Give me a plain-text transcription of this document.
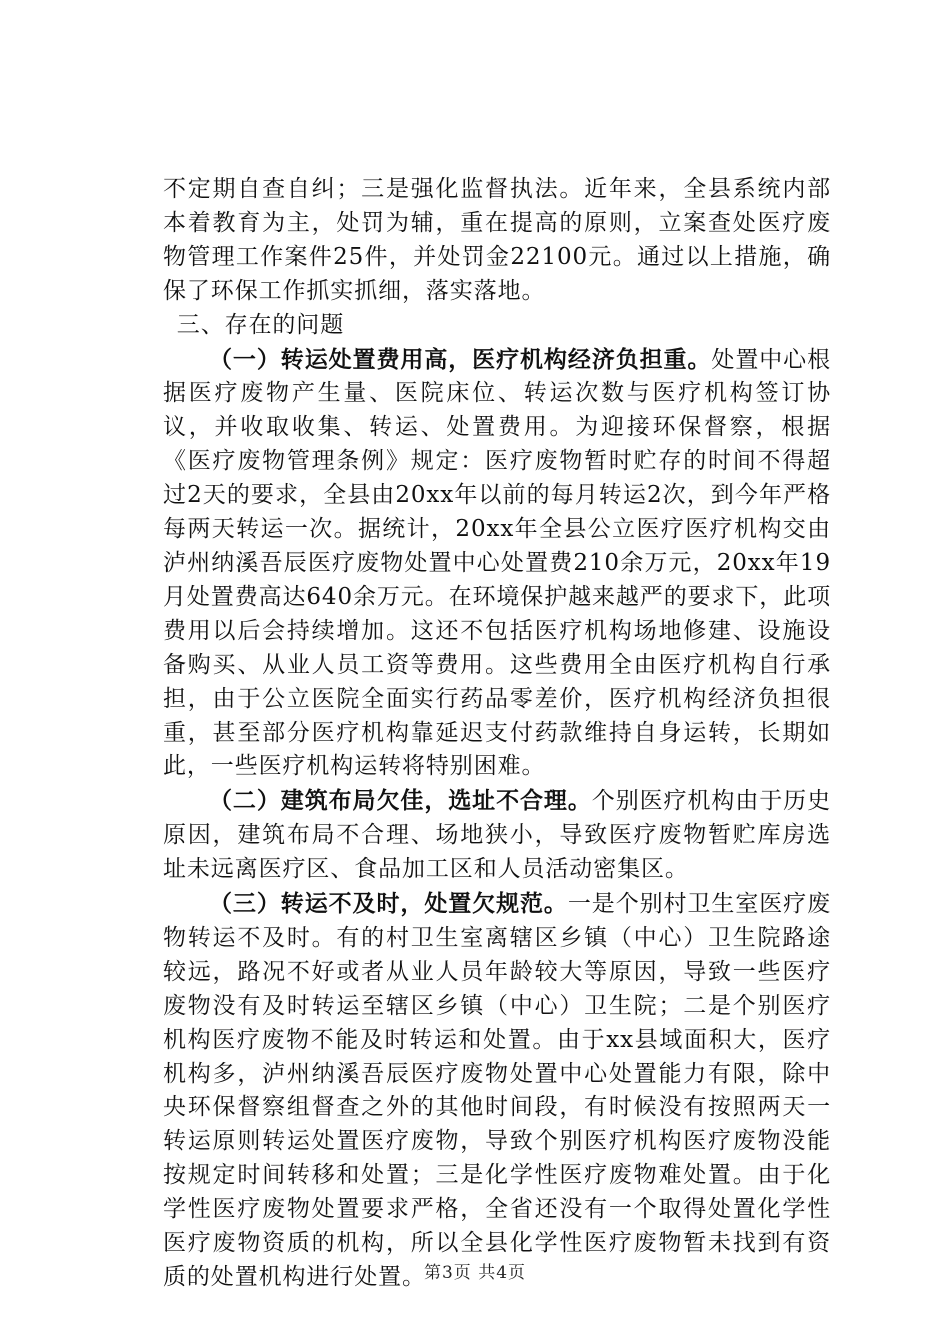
不定期自查自纠；三是强化监督执法。近年来，全县系统内部本着教育为主，处罚为辅，重在提高的原则，立案查处医疗废物管理工作案件25件，并处罚金22100元。通过以上措施，确保了环保工作抓实抓细，落实落地。

三、存在的问题

（一）转运处置费用高，医疗机构经济负担重。处置中心根据医疗废物产生量、医院床位、转运次数与医疗机构签订协议，并收取收集、转运、处置费用。为迎接环保督察，根据《医疗废物管理条例》规定：医疗废物暂时贮存的时间不得超过2天的要求，全县由20xx年以前的每月转运2次，到今年严格每两天转运一次。据统计，20xx年全县公立医疗医疗机构交由泸州纳溪吾辰医疗废物处置中心处置费210余万元，20xx年19月处置费高达640余万元。在环境保护越来越严的要求下，此项费用以后会持续增加。这还不包括医疗机构场地修建、设施设备购买、从业人员工资等费用。这些费用全由医疗机构自行承担，由于公立医院全面实行药品零差价，医疗机构经济负担很重，甚至部分医疗机构靠延迟支付药款维持自身运转，长期如此，一些医疗机构运转将特别困难。

（二）建筑布局欠佳，选址不合理。个别医疗机构由于历史原因，建筑布局不合理、场地狭小，导致医疗废物暂贮库房选址未远离医疗区、食品加工区和人员活动密集区。

（三）转运不及时，处置欠规范。一是个别村卫生室医疗废物转运不及时。有的村卫生室离辖区乡镇（中心）卫生院路途较远，路况不好或者从业人员年龄较大等原因，导致一些医疗废物没有及时转运至辖区乡镇（中心）卫生院；二是个别医疗机构医疗废物不能及时转运和处置。由于xx县域面积大，医疗机构多，泸州纳溪吾辰医疗废物处置中心处置能力有限，除中央环保督察组督查之外的其他时间段，有时候没有按照两天一转运原则转运处置医疗废物，导致个别医疗机构医疗废物没能按规定时间转移和处置；三是化学性医疗废物难处置。由于化学性医疗废物处置要求严格，全省还没有一个取得处置化学性医疗废物资质的机构，所以全县化学性医疗废物暂未找到有资质的处置机构进行处置。

第3页 共4页
